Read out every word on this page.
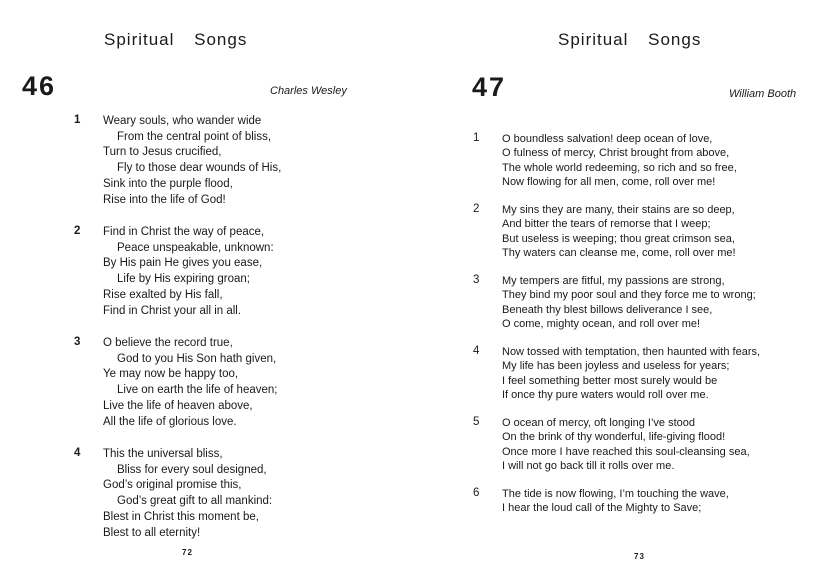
Spiritual Songs
46	Charles Wesley
1	Weary souls, who wander wide
From the central point of bliss,
Turn to Jesus crucified,
Fly to those dear wounds of His,
Sink into the purple flood,
Rise into the life of God!
2	Find in Christ the way of peace,
Peace unspeakable, unknown:
By His pain He gives you ease,
Life by His expiring groan;
Rise exalted by His fall,
Find in Christ your all in all.
3	O believe the record true,
God to you His Son hath given,
Ye may now be happy too,
Live on earth the life of heaven;
Live the life of heaven above,
All the life of glorious love.
4	This the universal bliss,
Bliss for every soul designed,
God’s original promise this,
God’s great gift to all mankind:
Blest in Christ this moment be,
Blest to all eternity!
72
Spiritual Songs
47	William Booth
1	O boundless salvation! deep ocean of love,
O fulness of mercy, Christ brought from above,
The whole world redeeming, so rich and so free,
Now flowing for all men, come, roll over me!
2	My sins they are many, their stains are so deep,
And bitter the tears of remorse that I weep;
But useless is weeping; thou great crimson sea,
Thy waters can cleanse me, come, roll over me!
3	My tempers are fitful, my passions are strong,
They bind my poor soul and they force me to wrong;
Beneath thy blest billows deliverance I see,
O come, mighty ocean, and roll over me!
4	Now tossed with temptation, then haunted with fears,
My life has been joyless and useless for years;
I feel something better most surely would be
If once thy pure waters would roll over me.
5	O ocean of mercy, oft longing I’ve stood
On the brink of thy wonderful, life-giving flood!
Once more I have reached this soul-cleansing sea,
I will not go back till it rolls over me.
6	The tide is now flowing, I’m touching the wave,
I hear the loud call of the Mighty to Save;
73
